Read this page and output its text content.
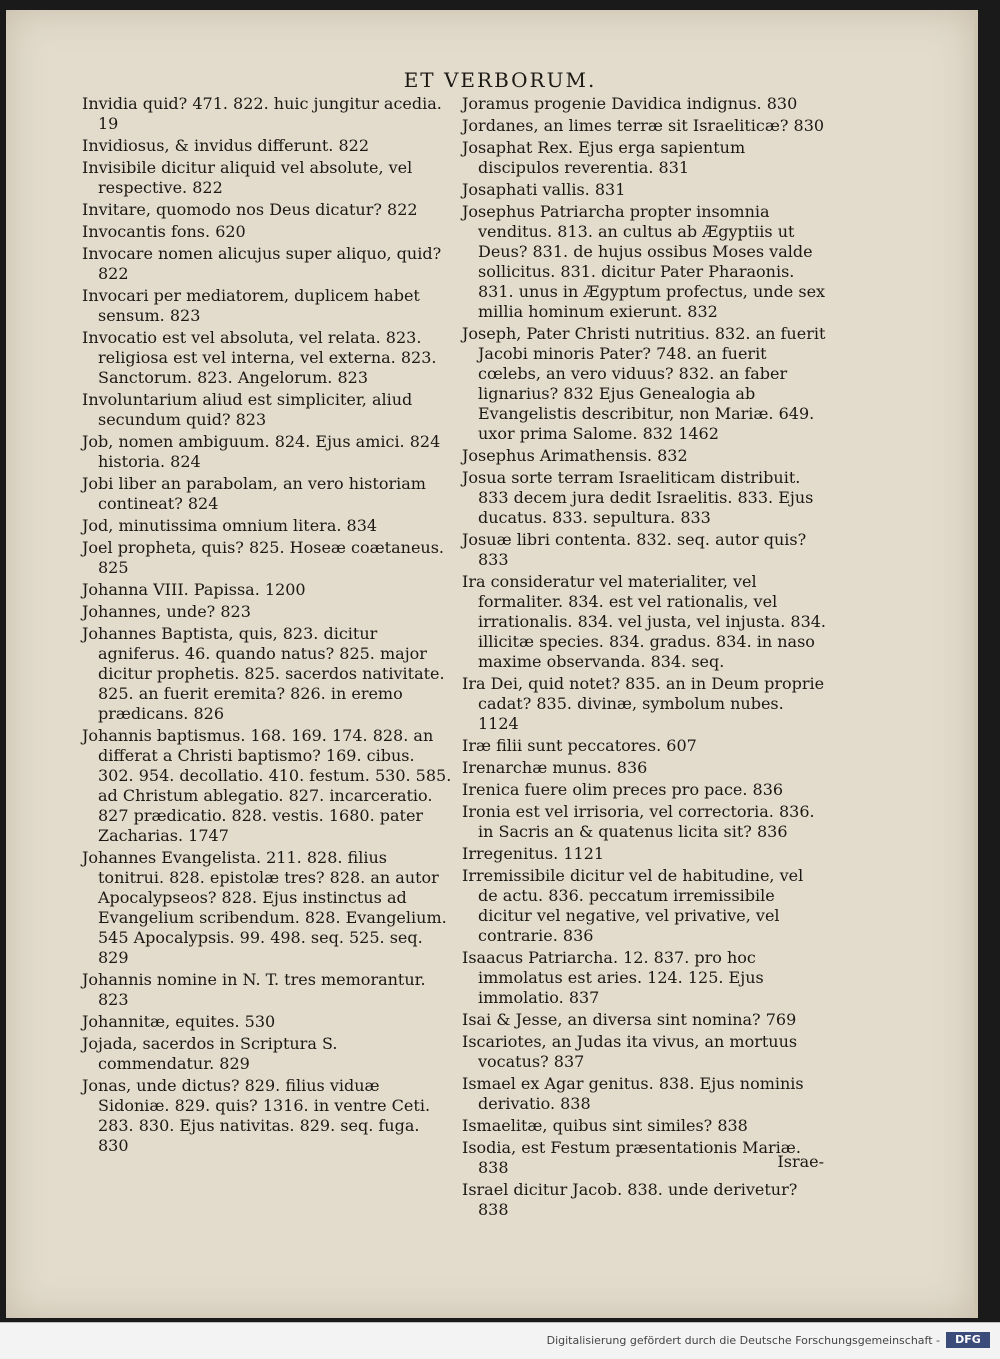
ET VERBORUM.
Invidia quid? 471. 822. huic jungitur acedia. 19
Invidiosus, & invidus differunt. 822
Invisibile dicitur aliquid vel absolute, vel respective. 822
Invitare, quomodo nos Deus dicatur? 822
Invocantis fons. 620
Invocare nomen alicujus super aliquo, quid? 822
Invocari per mediatorem, duplicem habet sensum. 823
Invocatio est vel absoluta, vel relata. 823. religiosa est vel interna, vel externa. 823. Sanctorum. 823. Angelorum. 823
Involuntarium aliud est simpliciter, aliud secundum quid? 823
Job, nomen ambiguum. 824. Ejus amici. 824 historia. 824
Jobi liber an parabolam, an vero historiam contineat? 824
Jod, minutissima omnium litera. 834
Joel propheta, quis? 825. Hoseæ coætaneus. 825
Johanna VIII. Papissa. 1200
Johannes, unde? 823
Johannes Baptista, quis, 823. dicitur agniferus. 46. quando natus? 825. major dicitur prophetis. 825. sacerdos nativitate. 825. an fuerit eremita? 826. in eremo prædicans. 826
Johannis baptismus. 168. 169. 174. 828. an differat a Christi baptismo? 169. cibus. 302. 954. decollatio. 410. festum. 530. 585. ad Christum ablegatio. 827. incarceratio. 827 prædicatio. 828. vestis. 1680. pater Zacharias. 1747
Johannes Evangelista. 211. 828. filius tonitrui. 828. epistolæ tres? 828. an autor Apocalypseos? 828. Ejus instinctus ad Evangelium scribendum. 828. Evangelium. 545 Apocalypsis. 99. 498. seq. 525. seq. 829
Johannis nomine in N. T. tres memorantur. 823
Johannitæ, equites. 530
Jojada, sacerdos in Scriptura S. commendatur. 829
Jonas, unde dictus? 829. filius viduæ Sidoniæ. 829. quis? 1316. in ventre Ceti. 283. 830. Ejus nativitas. 829. seq. fuga. 830
Joramus progenie Davidica indignus. 830
Jordanes, an limes terræ sit Israeliticæ? 830
Josaphat Rex. Ejus erga sapientum discipulos reverentia. 831
Josaphati vallis. 831
Josephus Patriarcha propter insomnia venditus. 813. an cultus ab Ægyptiis ut Deus? 831. de hujus ossibus Moses valde sollicitus. 831. dicitur Pater Pharaonis. 831. unus in Ægyptum profectus, unde sex millia hominum exierunt. 832
Joseph, Pater Christi nutritius. 832. an fuerit Jacobi minoris Pater? 748. an fuerit cœlebs, an vero viduus? 832. an faber lignarius? 832 Ejus Genealogia ab Evangelistis describitur, non Mariæ. 649. uxor prima Salome. 832 1462
Josephus Arimathensis. 832
Josua sorte terram Israeliticam distribuit. 833 decem jura dedit Israelitis. 833. Ejus ducatus. 833. sepultura. 833
Josuæ libri contenta. 832. seq. autor quis? 833
Ira consideratur vel materialiter, vel formaliter. 834. est vel rationalis, vel irrationalis. 834. vel justa, vel injusta. 834. illicitæ species. 834. gradus. 834. in naso maxime observanda. 834. seq.
Ira Dei, quid notet? 835. an in Deum proprie cadat? 835. divinæ, symbolum nubes. 1124
Iræ filii sunt peccatores. 607
Irenarchæ munus. 836
Irenica fuere olim preces pro pace. 836
Ironia est vel irrisoria, vel correctoria. 836. in Sacris an & quatenus licita sit? 836
Irregenitus. 1121
Irremissibile dicitur vel de habitudine, vel de actu. 836. peccatum irremissibile dicitur vel negative, vel privative, vel contrarie. 836
Isaacus Patriarcha. 12. 837. pro hoc immolatus est aries. 124. 125. Ejus immolatio. 837
Isai & Jesse, an diversa sint nomina? 769
Iscariotes, an Judas ita vivus, an mortuus vocatus? 837
Ismael ex Agar genitus. 838. Ejus nominis derivatio. 838
Ismaelitæ, quibus sint similes? 838
Isodia, est Festum præsentationis Mariæ. 838
Israel dicitur Jacob. 838. unde derivetur? 838
Israe-
Digitalisierung gefördert durch die Deutsche Forschungsgemeinschaft -	DFG
